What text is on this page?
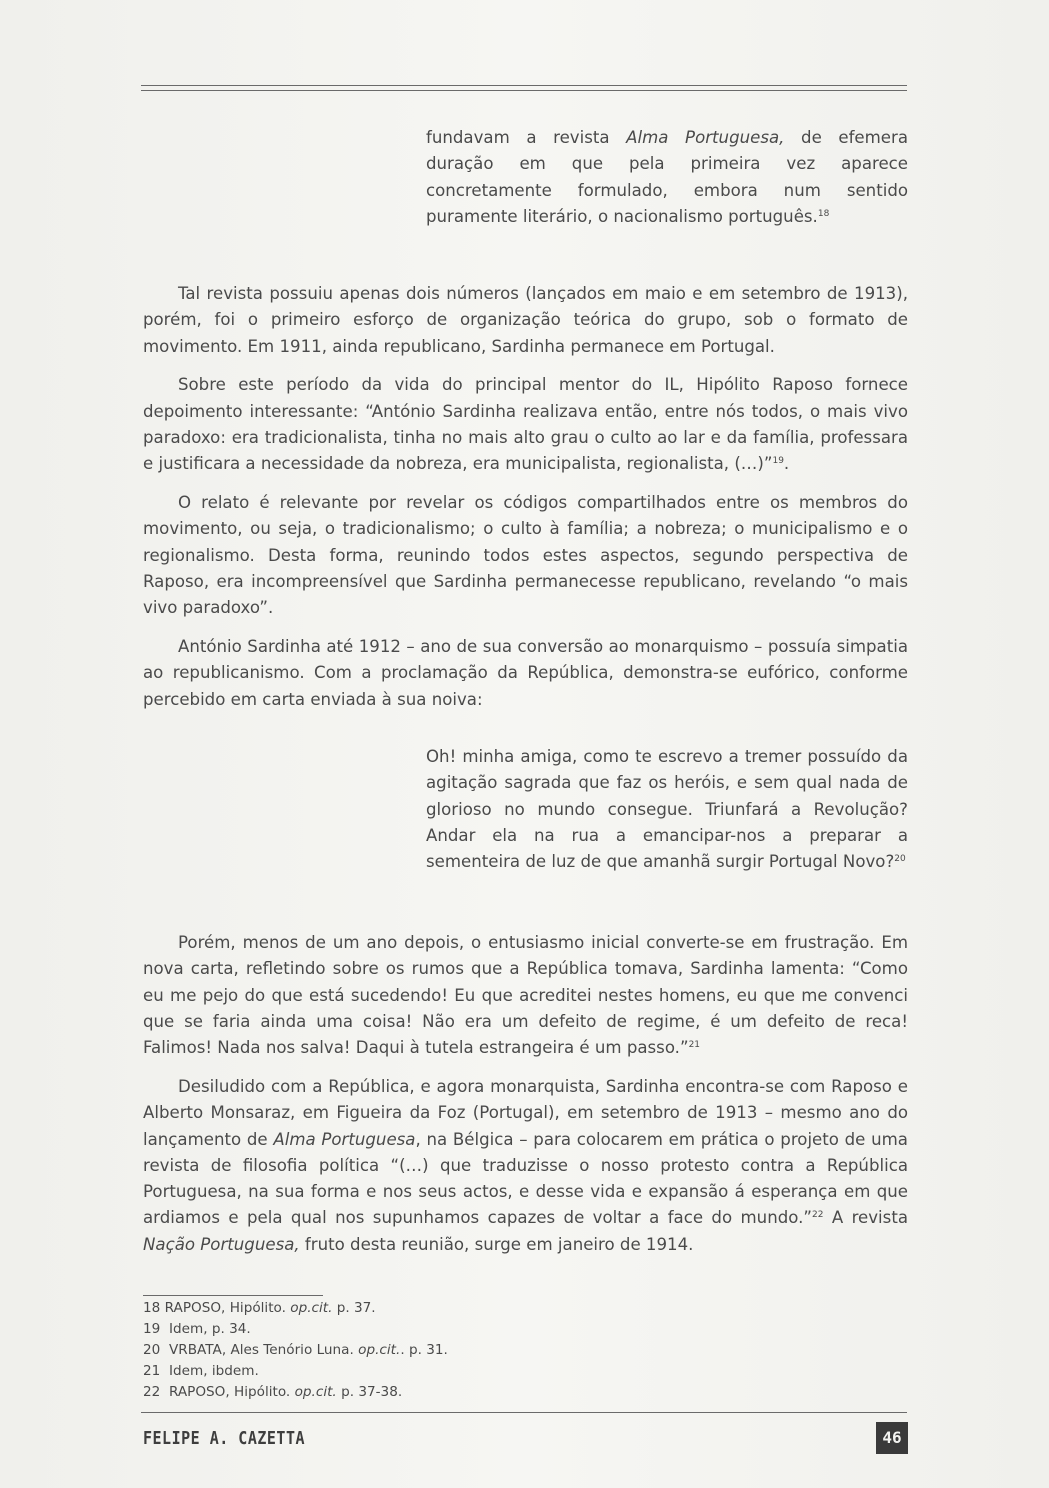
fundavam a revista Alma Portuguesa, de efemera duração em que pela primeira vez aparece concretamente formulado, embora num sentido puramente literário, o nacionalismo português.$^{18}$

Tal revista possuiu apenas dois números (lançados em maio e em setembro de 1913), porém, foi o primeiro esforço de organização teórica do grupo, sob o formato de movimento. Em 1911, ainda republicano, Sardinha permanece em Portugal.

Sobre este período da vida do principal mentor do IL, Hipólito Raposo fornece depoimento interessante: “António Sardinha realizava então, entre nós todos, o mais vivo paradoxo: era tradicionalista, tinha no mais alto grau o culto ao lar e da família, professara e justificara a necessidade da nobreza, era municipalista, regionalista, (…)”$^{19}$.

O relato é relevante por revelar os códigos compartilhados entre os membros do movimento, ou seja, o tradicionalismo; o culto à família; a nobreza; o municipalismo e o regionalismo. Desta forma, reunindo todos estes aspectos, segundo perspectiva de Raposo, era incompreensível que Sardinha permanecesse republicano, revelando “o mais vivo paradoxo”.

António Sardinha até 1912 – ano de sua conversão ao monarquismo – possuía simpatia ao republicanismo. Com a proclamação da República, demonstra-se eufórico, conforme percebido em carta enviada à sua noiva:

Oh! minha amiga, como te escrevo a tremer possuído da agitação sagrada que faz os heróis, e sem qual nada de glorioso no mundo consegue. Triunfará a Revolução? Andar ela na rua a emancipar-nos a preparar a sementeira de luz de que amanhã surgir Portugal Novo?$^{20}$

Porém, menos de um ano depois, o entusiasmo inicial converte-se em frustração. Em nova carta, refletindo sobre os rumos que a República tomava, Sardinha lamenta: “Como eu me pejo do que está sucedendo! Eu que acreditei nestes homens, eu que me convenci que se faria ainda uma coisa! Não era um defeito de regime, é um defeito de reca! Falimos! Nada nos salva! Daqui à tutela estrangeira é um passo.”$^{21}$

Desiludido com a República, e agora monarquista, Sardinha encontra-se com Raposo e Alberto Monsaraz, em Figueira da Foz (Portugal), em setembro de 1913 – mesmo ano do lançamento de Alma Portuguesa, na Bélgica – para colocarem em prática o projeto de uma revista de filosofia política “(…) que traduzisse o nosso protesto contra a República Portuguesa, na sua forma e nos seus actos, e desse vida e expansão á esperança em que ardiamos e pela qual nos supunhamos capazes de voltar a face do mundo.”$^{22}$ A revista Nação Portuguesa, fruto desta reunião, surge em janeiro de 1914.

18 RAPOSO, Hipólito. op.cit. p. 37.
19  Idem, p. 34.
20  VRBATA, Ales Tenório Luna. op.cit.. p. 31.
21  Idem, ibdem.
22  RAPOSO, Hipólito. op.cit. p. 37-38.
FELIPE A. CAZETTA	46
